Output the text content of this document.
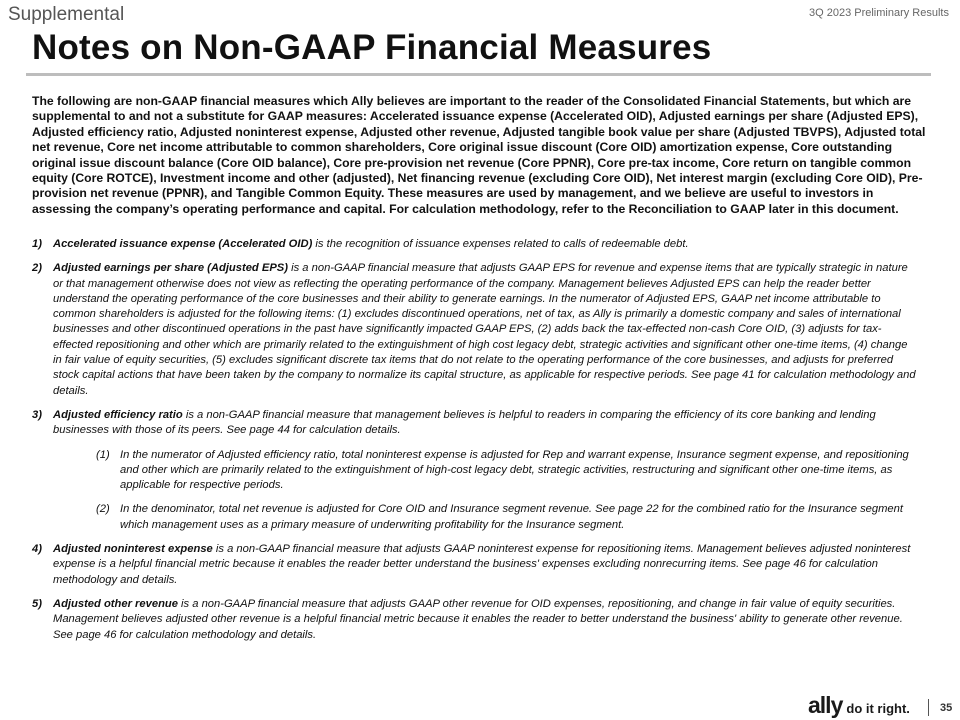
Supplemental	3Q 2023 Preliminary Results
Notes on Non-GAAP Financial Measures
The following are non-GAAP financial measures which Ally believes are important to the reader of the Consolidated Financial Statements, but which are supplemental to and not a substitute for GAAP measures: Accelerated issuance expense (Accelerated OID), Adjusted earnings per share (Adjusted EPS), Adjusted efficiency ratio, Adjusted noninterest expense, Adjusted other revenue, Adjusted tangible book value per share (Adjusted TBVPS), Adjusted total net revenue, Core net income attributable to common shareholders, Core original issue discount (Core OID) amortization expense, Core outstanding original issue discount balance (Core OID balance), Core pre-provision net revenue (Core PPNR), Core pre-tax income, Core return on tangible common equity (Core ROTCE), Investment income and other (adjusted), Net financing revenue (excluding Core OID), Net interest margin (excluding Core OID), Pre-provision net revenue (PPNR), and Tangible Common Equity. These measures are used by management, and we believe are useful to investors in assessing the company’s operating performance and capital. For calculation methodology, refer to the Reconciliation to GAAP later in this document.
1) Accelerated issuance expense (Accelerated OID) is the recognition of issuance expenses related to calls of redeemable debt.
2) Adjusted earnings per share (Adjusted EPS) is a non-GAAP financial measure that adjusts GAAP EPS for revenue and expense items that are typically strategic in nature or that management otherwise does not view as reflecting the operating performance of the company. Management believes Adjusted EPS can help the reader better understand the operating performance of the core businesses and their ability to generate earnings. In the numerator of Adjusted EPS, GAAP net income attributable to common shareholders is adjusted for the following items: (1) excludes discontinued operations, net of tax, as Ally is primarily a domestic company and sales of international businesses and other discontinued operations in the past have significantly impacted GAAP EPS, (2) adds back the tax-effected non-cash Core OID, (3) adjusts for tax-effected repositioning and other which are primarily related to the extinguishment of high cost legacy debt, strategic activities and significant other one-time items, (4) change in fair value of equity securities, (5) excludes significant discrete tax items that do not relate to the operating performance of the core businesses, and adjusts for preferred stock capital actions that have been taken by the company to normalize its capital structure, as applicable for respective periods. See page 41 for calculation methodology and details.
3) Adjusted efficiency ratio is a non-GAAP financial measure that management believes is helpful to readers in comparing the efficiency of its core banking and lending businesses with those of its peers. See page 44 for calculation details.
(1) In the numerator of Adjusted efficiency ratio, total noninterest expense is adjusted for Rep and warrant expense, Insurance segment expense, and repositioning and other which are primarily related to the extinguishment of high-cost legacy debt, strategic activities, restructuring and significant other one-time items, as applicable for respective periods.
(2) In the denominator, total net revenue is adjusted for Core OID and Insurance segment revenue. See page 22 for the combined ratio for the Insurance segment which management uses as a primary measure of underwriting profitability for the Insurance segment.
4) Adjusted noninterest expense is a non-GAAP financial measure that adjusts GAAP noninterest expense for repositioning items. Management believes adjusted noninterest expense is a helpful financial metric because it enables the reader better understand the business' expenses excluding nonrecurring items. See page 46 for calculation methodology and details.
5) Adjusted other revenue is a non-GAAP financial measure that adjusts GAAP other revenue for OID expenses, repositioning, and change in fair value of equity securities. Management believes adjusted other revenue is a helpful financial metric because it enables the reader to better understand the business' ability to generate other revenue. See page 46 for calculation methodology and details.
ally do it right.	35
